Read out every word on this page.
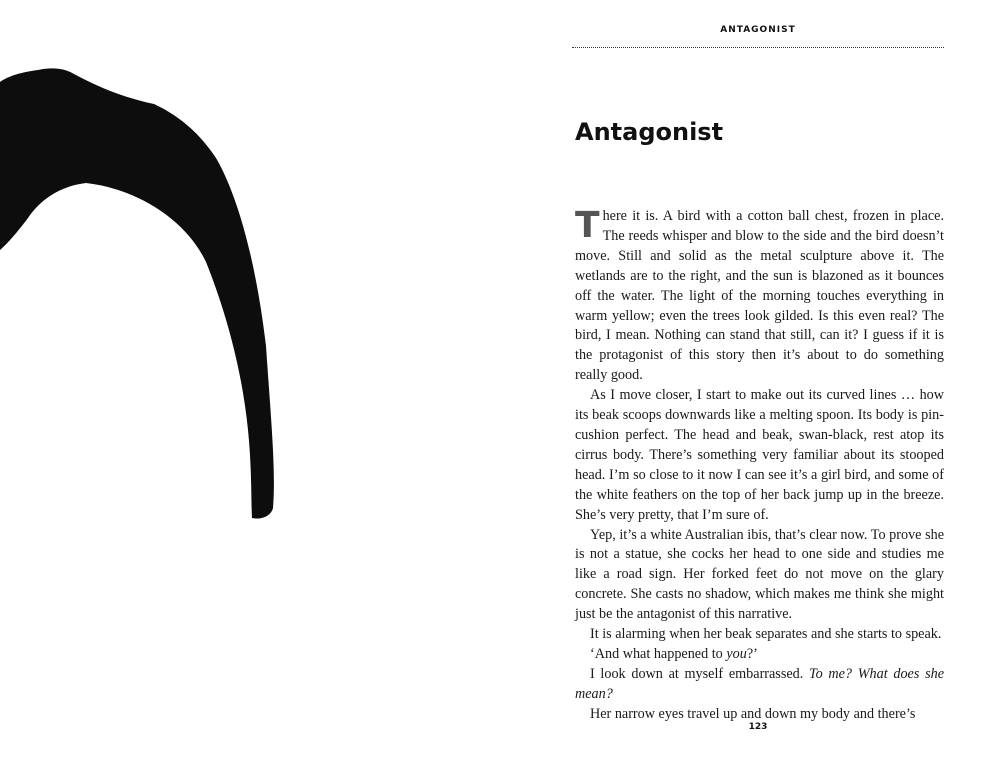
ANTAGONIST
Antagonist

There it is. A bird with a cotton ball chest, frozen in place. The reeds whisper and blow to the side and the bird doesn’t move. Still and solid as the metal sculpture above it. The wetlands are to the right, and the sun is blazoned as it bounces off the water. The light of the morning touches everything in warm yellow; even the trees look gilded. Is this even real? The bird, I mean. Nothing can stand that still, can it? I guess if it is the protagonist of this story then it’s about to do something really good.

As I move closer, I start to make out its curved lines … how its beak scoops downwards like a melting spoon. Its body is pin-cushion perfect. The head and beak, swan-black, rest atop its cirrus body. There’s something very familiar about its stooped head. I’m so close to it now I can see it’s a girl bird, and some of the white feathers on the top of her back jump up in the breeze. She’s very pretty, that I’m sure of.

Yep, it’s a white Australian ibis, that’s clear now. To prove she is not a statue, she cocks her head to one side and studies me like a road sign. Her forked feet do not move on the glary concrete. She casts no shadow, which makes me think she might just be the antagonist of this narrative.

It is alarming when her beak separates and she starts to speak.

‘And what happened to you?’

I look down at myself embarrassed. To me? What does she mean?

Her narrow eyes travel up and down my body and there’s

123
